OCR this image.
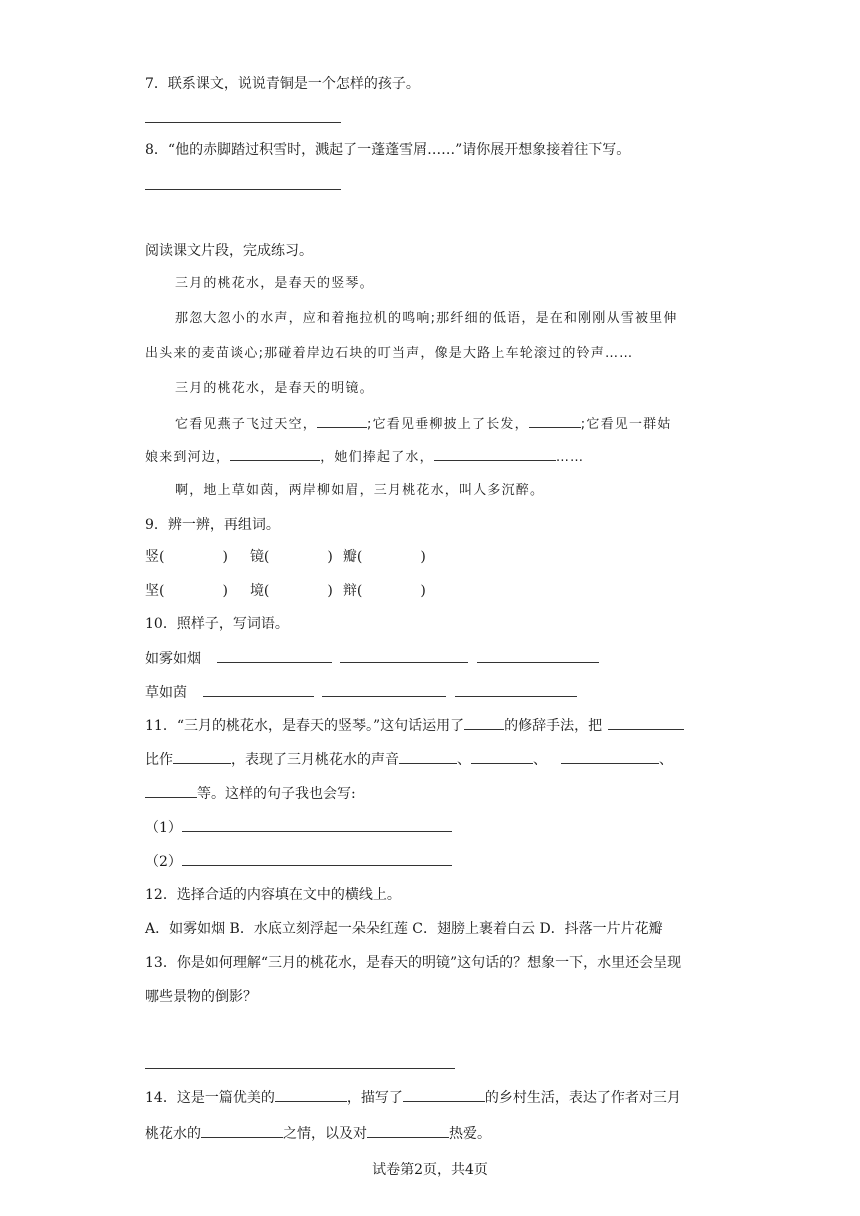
7．联系课文，说说青铜是一个怎样的孩子。
8．“他的赤脚踏过积雪时，溅起了一蓬蓬雪屑……”请你展开想象接着往下写。
阅读课文片段，完成练习。
三月的桃花水，是春天的竖琴。
那忽大忽小的水声，应和着拖拉机的鸣响;那纤细的低语，是在和刚刚从雪被里伸
出头来的麦苗谈心;那碰着岸边石块的叮当声，像是大路上车轮滚过的铃声……
三月的桃花水，是春天的明镜。
它看见燕子飞过天空，	;它看见垂柳披上了长发，	;它看见一群姑
娘来到河边，	，她们捧起了水，	……
啊，地上草如茵，两岸柳如眉，三月桃花水，叫人多沉醉。
9．辨一辨，再组词。
竖(	) 镜(	) 瓣(	)
坚(	) 境(	) 辩(	)
10．照样子，写词语。
如雾如烟
草如茵
11．“三月的桃花水，是春天的竖琴。”这句话运用了	的修辞手法，把
比作	，表现了三月桃花水的声音	、	、	、
等。这样的句子我也会写:
（1）
（2）
12．选择合适的内容填在文中的横线上。
A．如雾如烟 B．水底立刻浮起一朵朵红莲 C．翅膀上裹着白云 D．抖落一片片花瓣
13．你是如何理解“三月的桃花水，是春天的明镜”这句话的？想象一下，水里还会呈现
哪些景物的倒影？
14．这是一篇优美的	，描写了	的乡村生活，表达了作者对三月
桃花水的	之情，以及对	热爱。
试卷第2页，共4页
